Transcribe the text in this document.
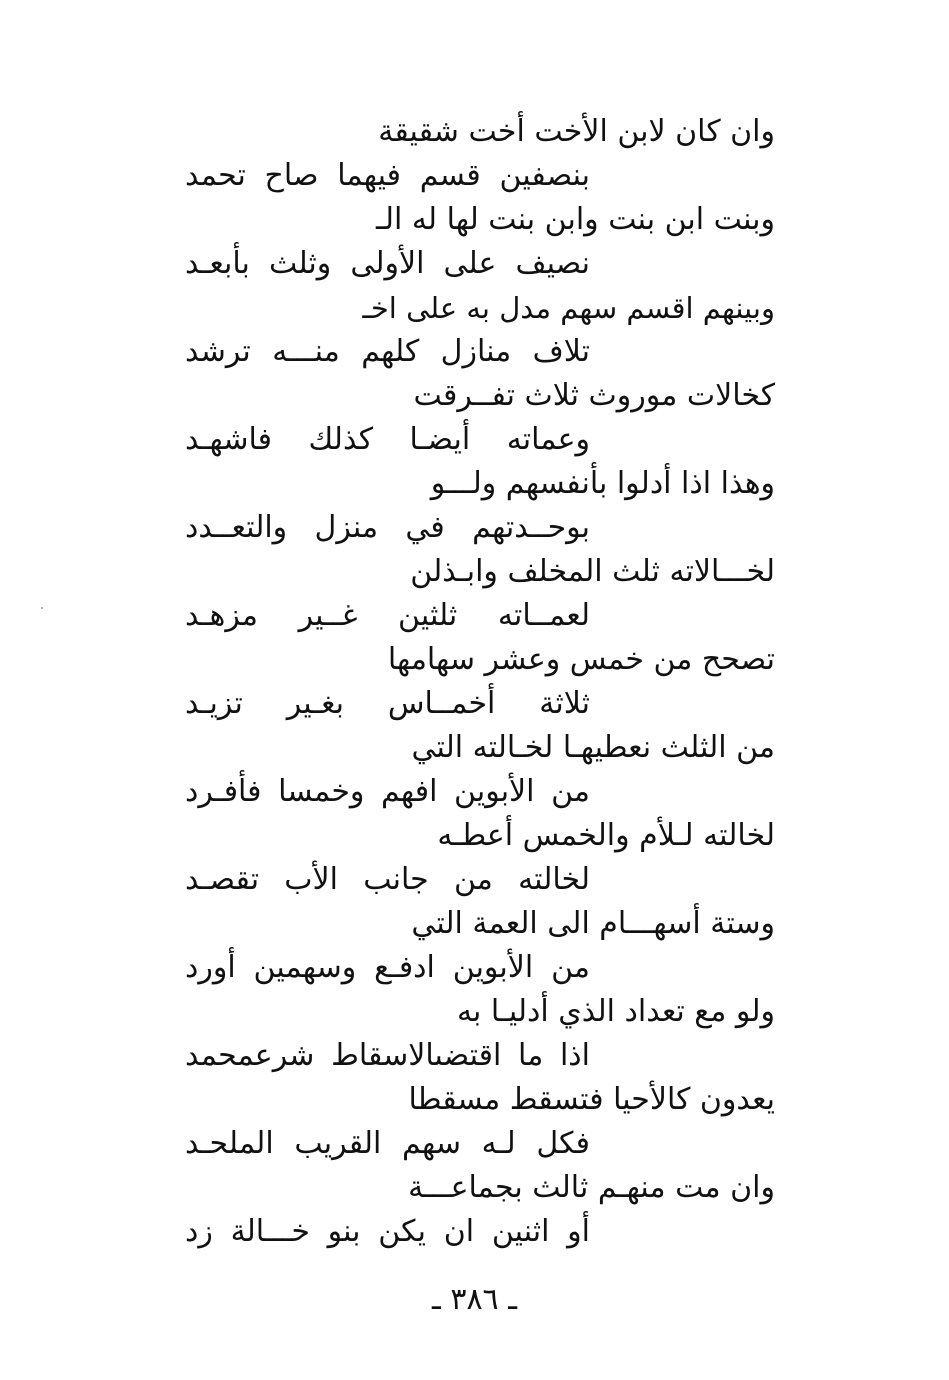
وان كان لابن الأخت أخت شقيقة
بنصفين قسم فيهما صاح تحمد
وبنت ابن بنت وابن بنت لها له الـ
نصيف على الأولى وثلث بأبعـد
وبينهم اقسم سهم مدل به على اخـ
تلاف منازل كلهم منـــه ترشد
كخالات موروث ثلاث تفــرقت
وعماته أيضـا كذلك فاشهـد
وهذا اذا أدلوا بأنفسهم ولـــو
بوحــدتهم في منزل والتعــدد
لخـــالاته ثلث المخلف وابـذلن
لعمــاته ثلثين غــير مزهـد
تصحح من خمس وعشر سهامها
ثلاثة أخمــاس بغـير تزيـد
من الثلث نعطيهـا لخـالته التي
من الأبوين افهم وخمسا فأفـرد
لخالته لـلأم والخمس أعطـه
لخالته من جانب الأب تقصـد
وستة أسهـــام الى العمة التي
من الأبوين ادفـع وسهمين أورد
ولو مع تعداد الذي أدليـا به
اذا ما اقتضىالاسقاط شرعمحمد
يعدون كالأحيا فتسقط مسقطا
فكل لـه سهم القريب الملحـد
وان مت منهـم ثالث بجماعـــة
أو اثنين ان يكن بنو خـــالة زد
ـ ٣٨٦ ـ
